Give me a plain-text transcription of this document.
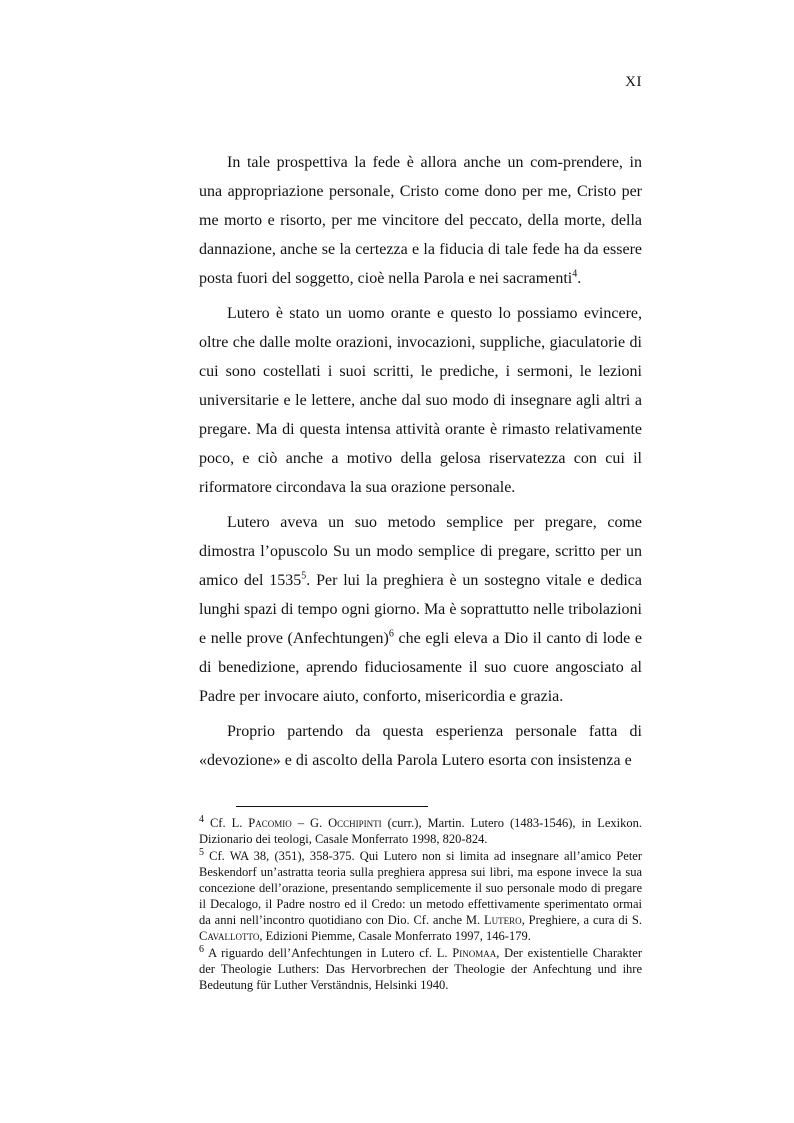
XI

In tale prospettiva la fede è allora anche un com-prendere, in una appropriazione personale, Cristo come dono per me, Cristo per me morto e risorto, per me vincitore del peccato, della morte, della dannazione, anche se la certezza e la fiducia di tale fede ha da essere posta fuori del soggetto, cioè nella Parola e nei sacramenti$^4$.

Lutero è stato un uomo orante e questo lo possiamo evincere, oltre che dalle molte orazioni, invocazioni, suppliche, giaculatorie di cui sono costellati i suoi scritti, le prediche, i sermoni, le lezioni universitarie e le lettere, anche dal suo modo di insegnare agli altri a pregare. Ma di questa intensa attività orante è rimasto relativamente poco, e ciò anche a motivo della gelosa riservatezza con cui il riformatore circondava la sua orazione personale.

Lutero aveva un suo metodo semplice per pregare, come dimostra l’opuscolo Su un modo semplice di pregare, scritto per un amico del 1535$^5$. Per lui la preghiera è un sostegno vitale e dedica lunghi spazi di tempo ogni giorno. Ma è soprattutto nelle tribolazioni e nelle prove (Anfechtungen)$^6$ che egli eleva a Dio il canto di lode e di benedizione, aprendo fiduciosamente il suo cuore angosciato al Padre per invocare aiuto, conforto, misericordia e grazia.

Proprio partendo da questa esperienza personale fatta di «devozione» e di ascolto della Parola Lutero esorta con insistenza e

$^4$ Cf. L. Pacomio – G. Occhipinti (curr.), Martin. Lutero (1483-1546), in Lexikon. Dizionario dei teologi, Casale Monferrato 1998, 820-824.

$^5$ Cf. WA 38, (351), 358-375. Qui Lutero non si limita ad insegnare all’amico Peter Beskendorf un’astratta teoria sulla preghiera appresa sui libri, ma espone invece la sua concezione dell’orazione, presentando semplicemente il suo personale modo di pregare il Decalogo, il Padre nostro ed il Credo: un metodo effettivamente sperimentato ormai da anni nell’incontro quotidiano con Dio. Cf. anche M. Lutero, Preghiere, a cura di S. Cavallotto, Edizioni Piemme, Casale Monferrato 1997, 146-179.

$^6$ A riguardo dell’Anfechtungen in Lutero cf. L. Pinomaa, Der existentielle Charakter der Theologie Luthers: Das Hervorbrechen der Theologie der Anfechtung und ihre Bedeutung für Luther Verständnis, Helsinki 1940.
